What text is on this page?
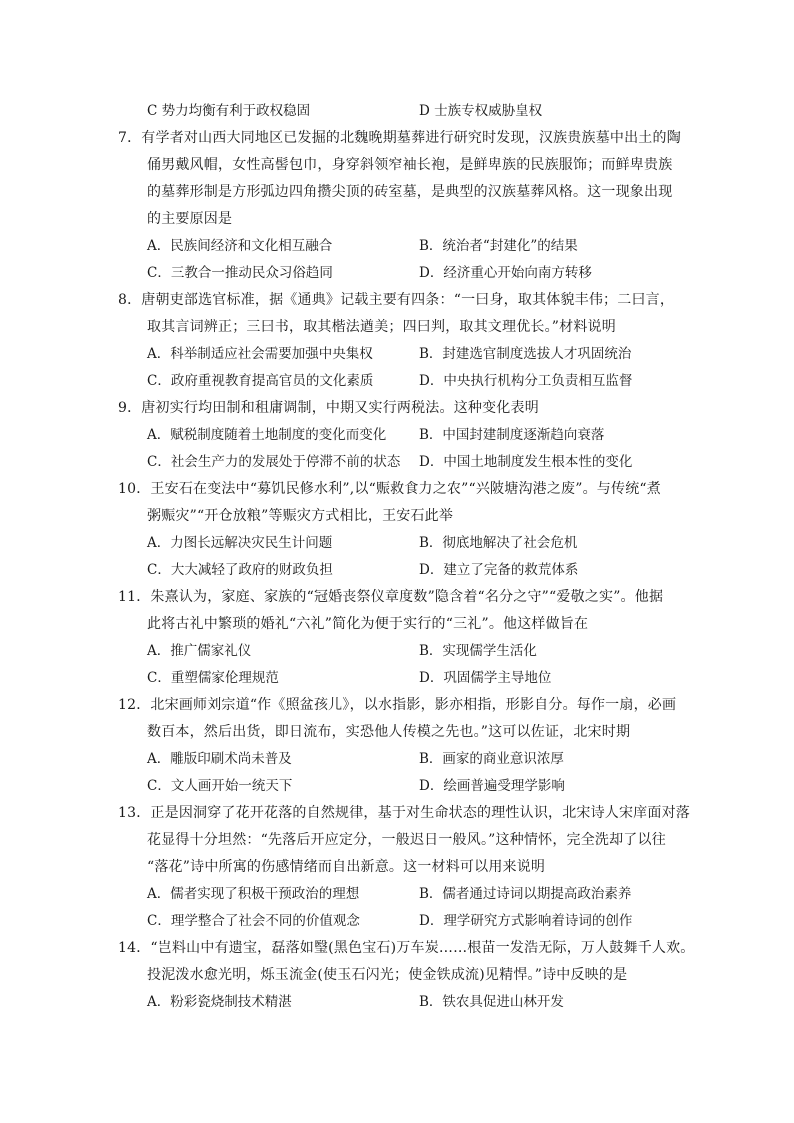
C 势力均衡有利于政权稳固	D 士族专权威胁皇权
7．有学者对山西大同地区已发掘的北魏晚期墓葬进行研究时发现，汉族贵族墓中出土的陶
俑男戴风帽，女性高髻包巾，身穿斜领窄袖长袍，是鲜卑族的民族服饰；而鲜卑贵族
的墓葬形制是方形弧边四角攒尖顶的砖室墓，是典型的汉族墓葬风格。这一现象出现
的主要原因是
A．民族间经济和文化相互融合	B．统治者“封建化”的结果
C．三教合一推动民众习俗趋同	D．经济重心开始向南方转移
8．唐朝吏部选官标准，据《通典》记载主要有四条：“一曰身，取其体貌丰伟；二曰言，
取其言词辨正；三曰书，取其楷法遒美；四曰判，取其文理优长。”材料说明
A．科举制适应社会需要加强中央集权	B．封建选官制度选拔人才巩固统治
C．政府重视教育提高官员的文化素质	D．中央执行机构分工负责相互监督
9．唐初实行均田制和租庸调制，中期又实行两税法。这种变化表明
A．赋税制度随着土地制度的变化而变化 B．中国封建制度逐渐趋向衰落
C．社会生产力的发展处于停滞不前的状态 D．中国土地制度发生根本性的变化
10．王安石在变法中“募饥民修水利”,以“赈救食力之农”“兴陂塘沟港之废”。与传统“煮
粥赈灾”“开仓放粮”等赈灾方式相比，王安石此举
A．力图长远解决灾民生计问题	B．彻底地解决了社会危机
C．大大减轻了政府的财政负担	D．建立了完备的救荒体系
11．朱熹认为，家庭、家族的“冠婚丧祭仪章度数”隐含着“名分之守”“爱敬之实”。他据
此将古礼中繁琐的婚礼“六礼”简化为便于实行的“三礼”。他这样做旨在
A．推广儒家礼仪	B．实现儒学生活化
C．重塑儒家伦理规范	D．巩固儒学主导地位
12．北宋画师刘宗道“作《照盆孩儿》，以水指影，影亦相指，形影自分。每作一扇，必画
数百本，然后出货，即日流布，实恐他人传模之先也。”这可以佐证，北宋时期
A．雕版印刷术尚未普及	B．画家的商业意识浓厚
C．文人画开始一统天下	D．绘画普遍受理学影响
13．正是因洞穿了花开花落的自然规律，基于对生命状态的理性认识，北宋诗人宋庠面对落
花显得十分坦然：“先落后开应定分，一般迟日一般风。”这种情怀，完全洗却了以往
“落花”诗中所寓的伤感情绪而自出新意。这一材料可以用来说明
A．儒者实现了积极干预政治的理想	B．儒者通过诗词以期提高政治素养
C．理学整合了社会不同的价值观念	D．理学研究方式影响着诗词的创作
14．“岂料山中有遗宝，磊落如瑿(黑色宝石)万车炭……根苗一发浩无际，万人鼓舞千人欢。
投泥泼水愈光明，烁玉流金(使玉石闪光；使金铁成流)见精悍。”诗中反映的是
A．粉彩瓷烧制技术精湛	B．铁农具促进山林开发
